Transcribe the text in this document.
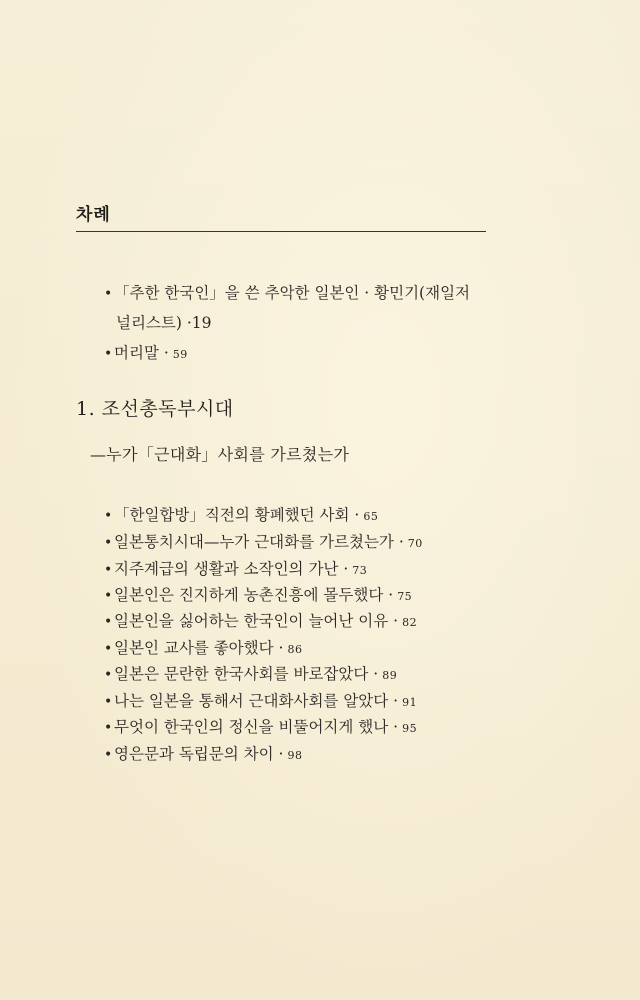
차례
• 「추한 한국인」을 쓴 추악한 일본인 · 황민기(재일저
널리스트) ·19
• 머리말 · 59
1. 조선총독부시대
—누가「근대화」사회를 가르쳤는가
• 「한일합방」직전의 황폐했던 사회 · 65
• 일본통치시대—누가 근대화를 가르쳤는가 · 70
• 지주계급의 생활과 소작인의 가난 · 73
• 일본인은 진지하게 농촌진흥에 몰두했다 · 75
• 일본인을 싫어하는 한국인이 늘어난 이유 · 82
• 일본인 교사를 좋아했다 · 86
• 일본은 문란한 한국사회를 바로잡았다 · 89
• 나는 일본을 통해서 근대화사회를 알았다 · 91
• 무엇이 한국인의 정신을 비뚤어지게 했나 · 95
• 영은문과 독립문의 차이 · 98
